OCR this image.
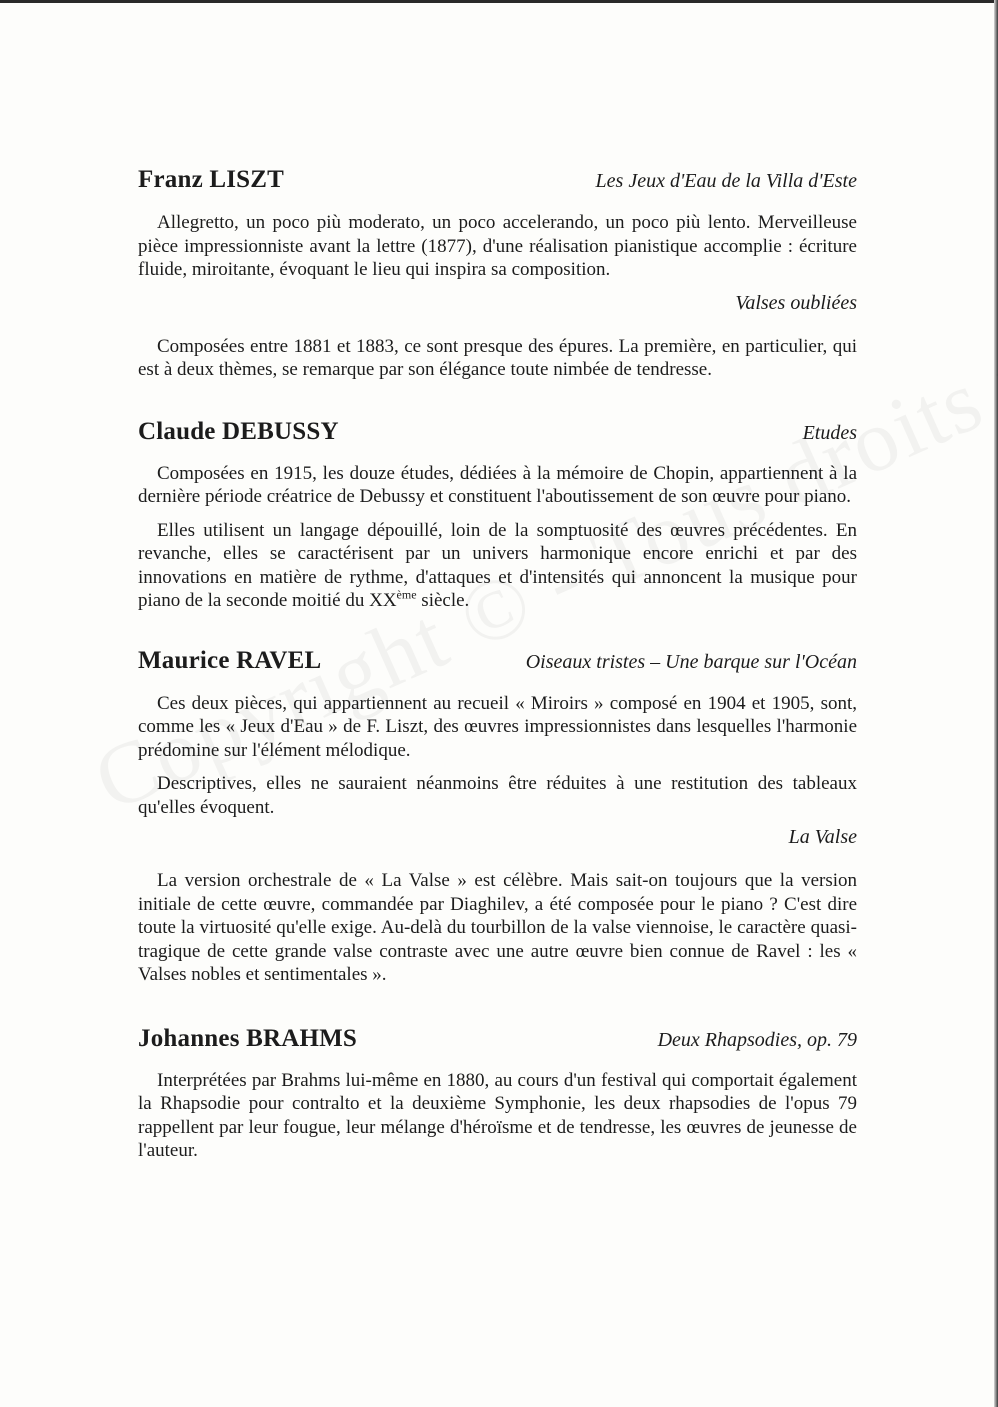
Franz LISZT	Les Jeux d'Eau de la Villa d'Este

Allegretto, un poco più moderato, un poco accelerando, un poco più lento. Merveilleuse pièce impressionniste avant la lettre (1877), d'une réalisation pianistique accomplie : écriture fluide, miroitante, évoquant le lieu qui inspira sa composition.

Valses oubliées

Composées entre 1881 et 1883, ce sont presque des épures. La première, en particulier, qui est à deux thèmes, se remarque par son élégance toute nimbée de tendresse.

Claude DEBUSSY	Etudes

Composées en 1915, les douze études, dédiées à la mémoire de Chopin, appartiennent à la dernière période créatrice de Debussy et constituent l'aboutissement de son œuvre pour piano.

Elles utilisent un langage dépouillé, loin de la somptuosité des œuvres précédentes. En revanche, elles se caractérisent par un univers harmonique encore enrichi et par des innovations en matière de rythme, d'attaques et d'intensités qui annoncent la musique pour piano de la seconde moitié du XXème siècle.

Maurice RAVEL	Oiseaux tristes – Une barque sur l'Océan

Ces deux pièces, qui appartiennent au recueil « Miroirs » composé en 1904 et 1905, sont, comme les « Jeux d'Eau » de F. Liszt, des œuvres impressionnistes dans lesquelles l'harmonie prédomine sur l'élément mélodique.

Descriptives, elles ne sauraient néanmoins être réduites à une restitution des tableaux qu'elles évoquent.

La Valse

La version orchestrale de « La Valse » est célèbre. Mais sait-on toujours que la version initiale de cette œuvre, commandée par Diaghilev, a été composée pour le piano ? C'est dire toute la virtuosité qu'elle exige. Au-delà du tourbillon de la valse viennoise, le caractère quasi-tragique de cette grande valse contraste avec une autre œuvre bien connue de Ravel : les « Valses nobles et sentimentales ».

Johannes BRAHMS	Deux Rhapsodies, op. 79

Interprétées par Brahms lui-même en 1880, au cours d'un festival qui comportait également la Rhapsodie pour contralto et la deuxième Symphonie, les deux rhapsodies de l'opus 79 rappellent par leur fougue, leur mélange d'héroïsme et de tendresse, les œuvres de jeunesse de l'auteur.
